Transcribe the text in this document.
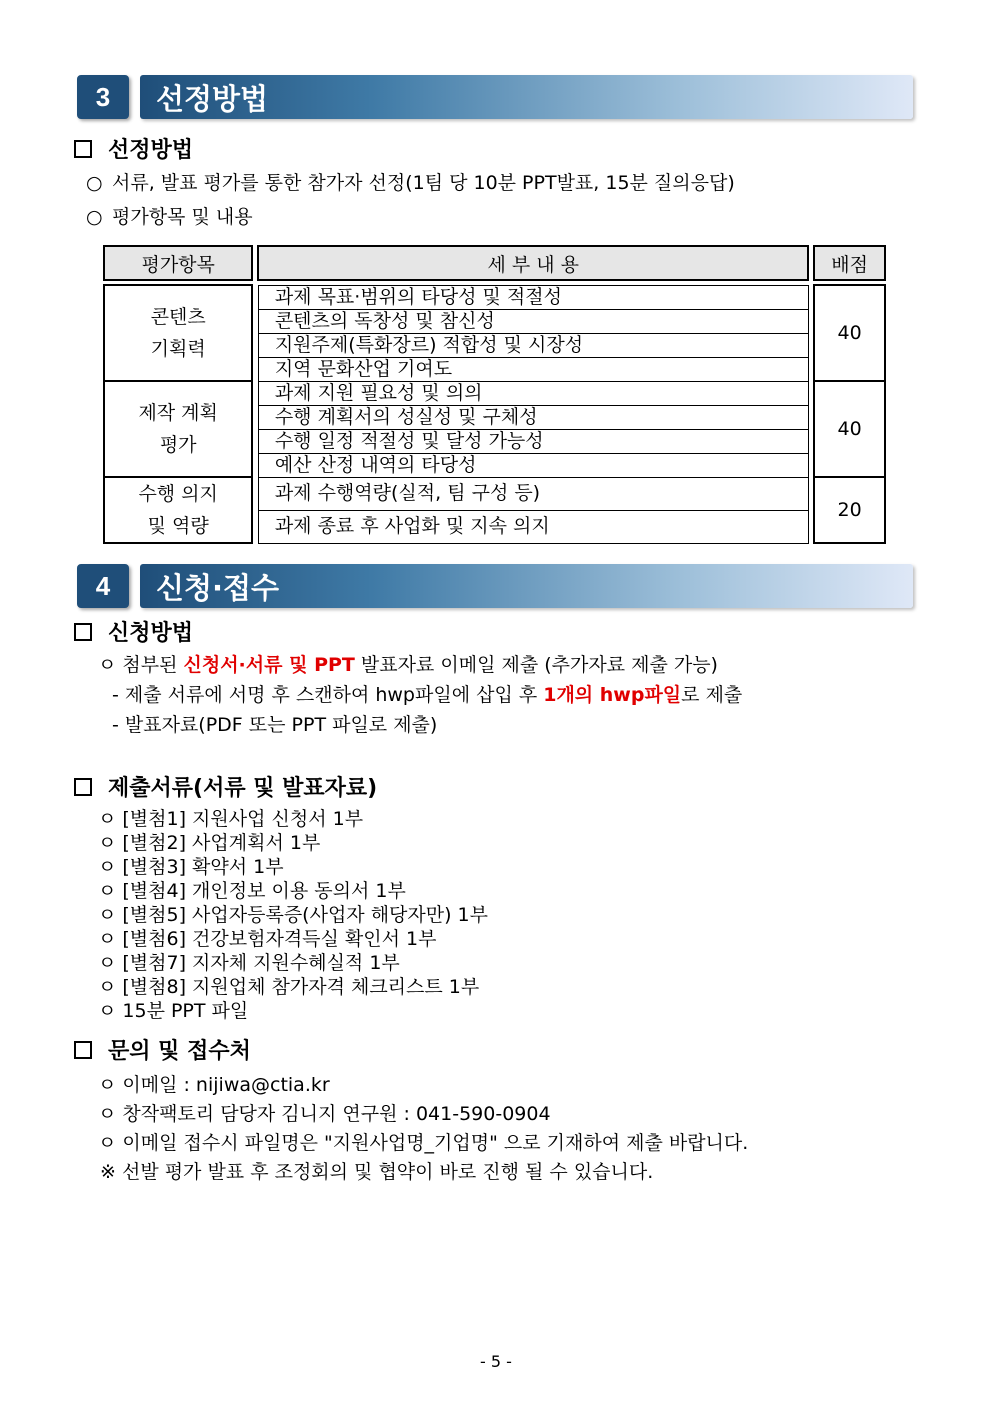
3	선정방법
선정방법
○ 서류, 발표 평가를 통한 참가자 선정(1팀 당 10분 PPT발표, 15분 질의응답)
○ 평가항목 및 내용
평가항목		세 부 내 용		배점

콘텐츠
기획력		과제 목표·범위의 타당성 및 적절성		40
		콘텐츠의 독창성 및 참신성		
		지원주제(특화장르) 적합성 및 시장성		
		지역 문화산업 기여도		

제작 계획
평가		과제 지원 필요성 및 의의		40
		수행 계획서의 성실성 및 구체성		
		수행 일정 적절성 및 달성 가능성		
		예산 산정 내역의 타당성		

수행 의지
및 역량		과제 수행역량(실적, 팀 구성 등)		20
		과제 종료 후 사업화 및 지속 의지		
4	신청·접수
신청방법
ㅇ 첨부된 신청서·서류 및 PPT 발표자료 이메일 제출 (추가자료 제출 가능)
- 제출 서류에 서명 후 스캔하여 hwp파일에 삽입 후 1개의 hwp파일로 제출
- 발표자료(PDF 또는 PPT 파일로 제출)
제출서류(서류 및 발표자료)
ㅇ [별첨1] 지원사업 신청서 1부
ㅇ [별첨2] 사업계획서 1부
ㅇ [별첨3] 확약서 1부
ㅇ [별첨4] 개인정보 이용 동의서 1부
ㅇ [별첨5] 사업자등록증(사업자 해당자만) 1부
ㅇ [별첨6] 건강보험자격득실 확인서 1부
ㅇ [별첨7] 지자체 지원수혜실적 1부
ㅇ [별첨8] 지원업체 참가자격 체크리스트 1부
ㅇ 15분 PPT 파일
문의 및 접수처
ㅇ 이메일 : nijiwa@ctia.kr
ㅇ 창작팩토리 담당자 김니지 연구원 : 041-590-0904
ㅇ 이메일 접수시 파일명은 "지원사업명_기업명" 으로 기재하여 제출 바랍니다.
※ 선발 평가 발표 후 조정회의 및 협약이 바로 진행 될 수 있습니다.
- 5 -
